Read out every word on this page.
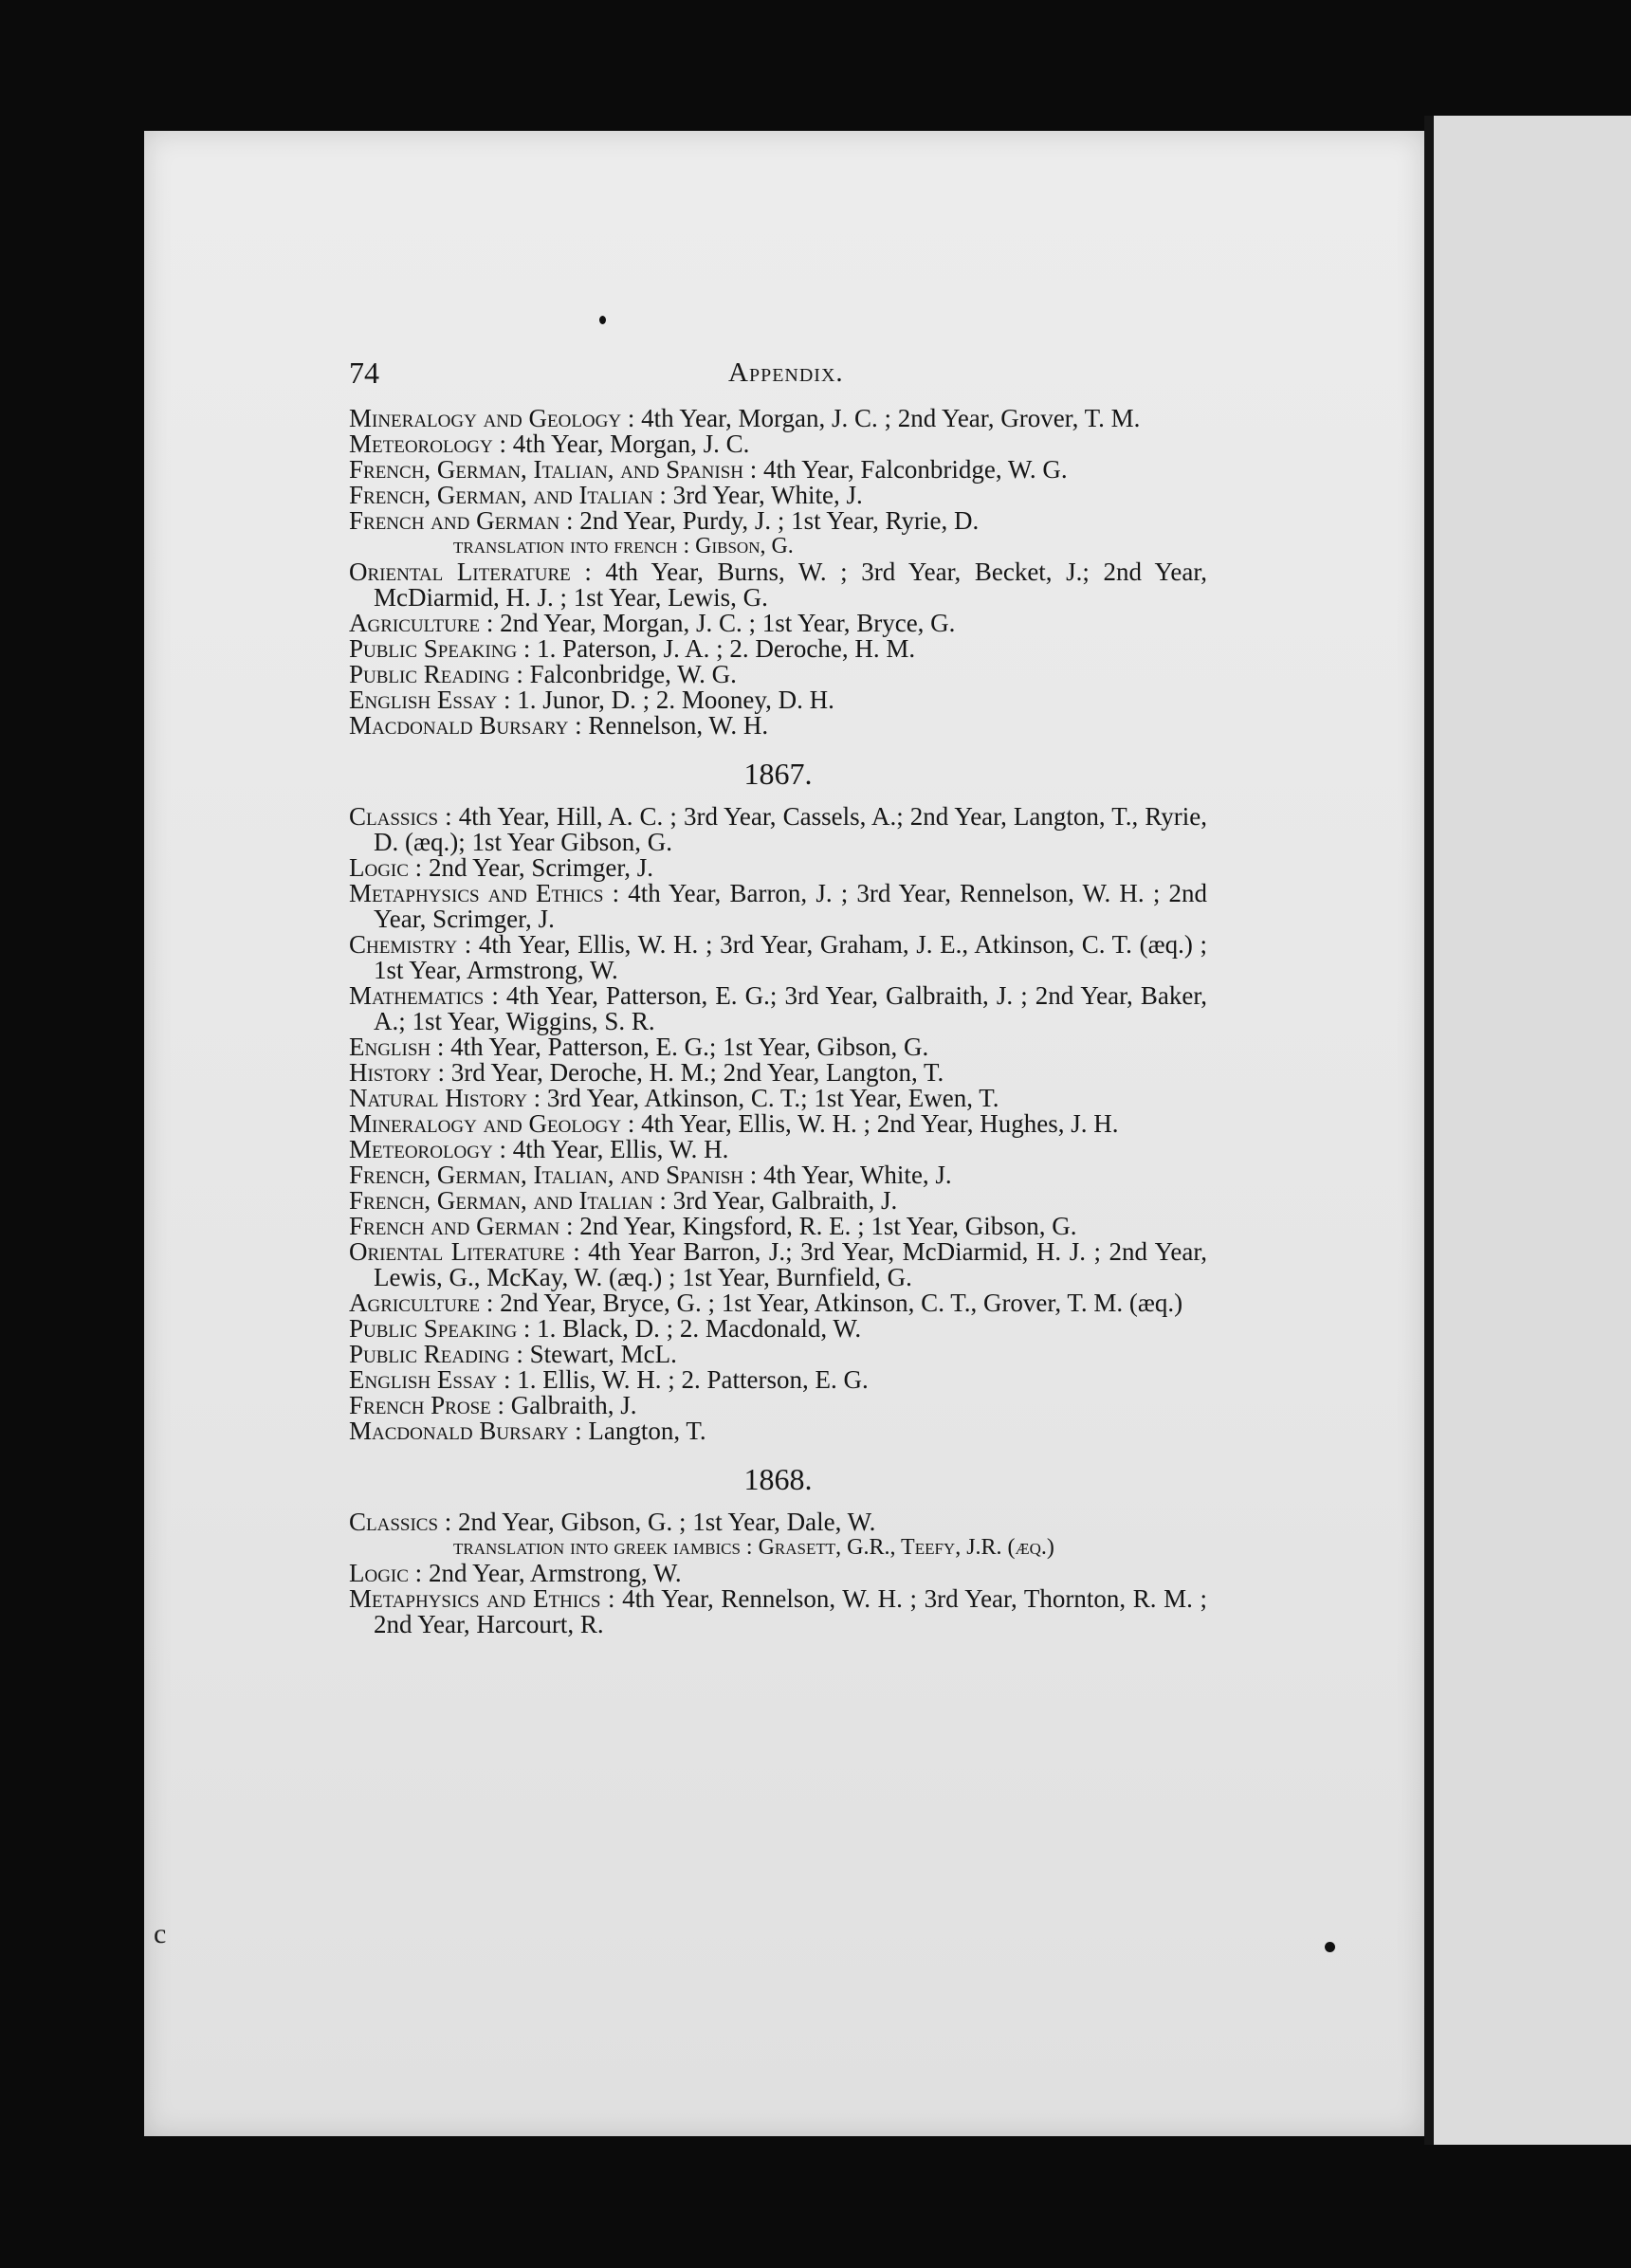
c
74	Appendix.
Mineralogy and Geology : 4th Year, Morgan, J. C. ; 2nd Year, Grover, T. M.
Meteorology : 4th Year, Morgan, J. C.
French, German, Italian, and Spanish : 4th Year, Falconbridge, W. G.
French, German, and Italian : 3rd Year, White, J.
French and German : 2nd Year, Purdy, J. ; 1st Year, Ryrie, D.
translation into french : Gibson, G.
Oriental Literature : 4th Year, Burns, W. ; 3rd Year, Becket, J.; 2nd Year, McDiarmid, H. J. ; 1st Year, Lewis, G.
Agriculture : 2nd Year, Morgan, J. C. ; 1st Year, Bryce, G.
Public Speaking : 1. Paterson, J. A. ; 2. Deroche, H. M.
Public Reading : Falconbridge, W. G.
English Essay : 1. Junor, D. ; 2. Mooney, D. H.
Macdonald Bursary : Rennelson, W. H.
1867.
Classics : 4th Year, Hill, A. C. ; 3rd Year, Cassels, A.; 2nd Year, Langton, T., Ryrie, D. (æq.); 1st Year Gibson, G.
Logic : 2nd Year, Scrimger, J.
Metaphysics and Ethics : 4th Year, Barron, J. ; 3rd Year, Rennelson, W. H. ; 2nd Year, Scrimger, J.
Chemistry : 4th Year, Ellis, W. H. ; 3rd Year, Graham, J. E., Atkinson, C. T. (æq.) ; 1st Year, Armstrong, W.
Mathematics : 4th Year, Patterson, E. G.; 3rd Year, Galbraith, J. ; 2nd Year, Baker, A.; 1st Year, Wiggins, S. R.
English : 4th Year, Patterson, E. G.; 1st Year, Gibson, G.
History : 3rd Year, Deroche, H. M.; 2nd Year, Langton, T.
Natural History : 3rd Year, Atkinson, C. T.; 1st Year, Ewen, T.
Mineralogy and Geology : 4th Year, Ellis, W. H. ; 2nd Year, Hughes, J. H.
Meteorology : 4th Year, Ellis, W. H.
French, German, Italian, and Spanish : 4th Year, White, J.
French, German, and Italian : 3rd Year, Galbraith, J.
French and German : 2nd Year, Kingsford, R. E. ; 1st Year, Gibson, G.
Oriental Literature : 4th Year Barron, J.; 3rd Year, McDiarmid, H. J. ; 2nd Year, Lewis, G., McKay, W. (æq.) ; 1st Year, Burnfield, G.
Agriculture : 2nd Year, Bryce, G. ; 1st Year, Atkinson, C. T., Grover, T. M. (æq.)
Public Speaking : 1. Black, D. ; 2. Macdonald, W.
Public Reading : Stewart, McL.
English Essay : 1. Ellis, W. H. ; 2. Patterson, E. G.
French Prose : Galbraith, J.
Macdonald Bursary : Langton, T.
1868.
Classics : 2nd Year, Gibson, G. ; 1st Year, Dale, W.
translation into greek iambics : Grasett, G.R., Teefy, J.R. (æq.)
Logic : 2nd Year, Armstrong, W.
Metaphysics and Ethics : 4th Year, Rennelson, W. H. ; 3rd Year, Thornton, R. M. ; 2nd Year, Harcourt, R.
